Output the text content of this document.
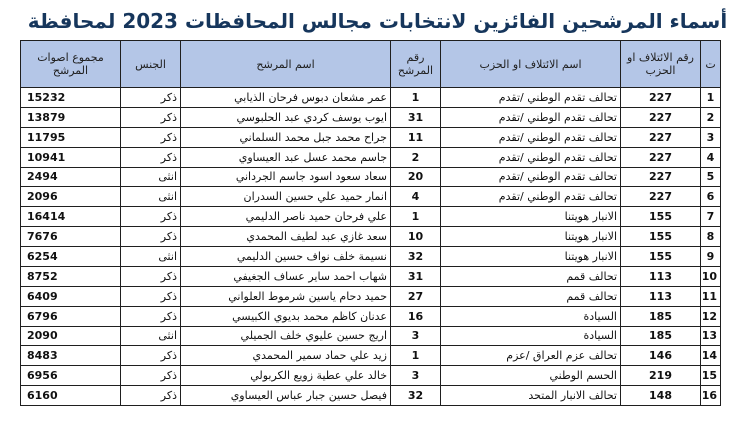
أسماء المرشحين الفائزين لانتخابات مجالس المحافظات 2023 لمحافظة
ت	رقم الائتلاف او الحزب	اسم الائتلاف او الحزب	رقم المرشح	اسم المرشح	الجنس	مجموع اصوات المرشح
1	227	تحالف تقدم الوطني /تقدم	1	عمر مشعان دبوس فرحان الذيابي	ذكر	15232
2	227	تحالف تقدم الوطني /تقدم	31	ايوب يوسف كردي عبد الحلبوسي	ذكر	13879
3	227	تحالف تقدم الوطني /تقدم	11	جراح محمد جبل محمد السلماني	ذكر	11795
4	227	تحالف تقدم الوطني /تقدم	2	جاسم محمد عسل عبد العيساوي	ذكر	10941
5	227	تحالف تقدم الوطني /تقدم	20	سعاد سعود اسود جاسم الجرداني	انثى	2494
6	227	تحالف تقدم الوطني /تقدم	4	انمار حميد علي حسين السدران	انثى	2096
7	155	الانبار هويتنا	1	علي فرحان حميد ناصر الدليمي	ذكر	16414
8	155	الانبار هويتنا	10	سعد غازي عبد لطيف المحمدي	ذكر	7676
9	155	الانبار هويتنا	32	نسيمة خلف نواف حسين الدليمي	انثى	6254
10	113	تحالف قمم	31	شهاب احمد ساير عساف الجغيفي	ذكر	8752
11	113	تحالف قمم	27	حميد دحام ياسين شرموط العلواني	ذكر	6409
12	185	السيادة	16	عدنان كاظم محمد بديوي الكبيسي	ذكر	6796
13	185	السيادة	3	اريج حسين عليوي خلف الجميلي	انثى	2090
14	146	تحالف عزم العراق /عزم	1	زيد علي حماد سمير المحمدي	ذكر	8483
15	219	الحسم الوطني	3	خالد علي عطية زويع الكربولي	ذكر	6956
16	148	تحالف الانبار المتحد	32	فيصل حسين جبار عباس العيساوي	ذكر	6160
